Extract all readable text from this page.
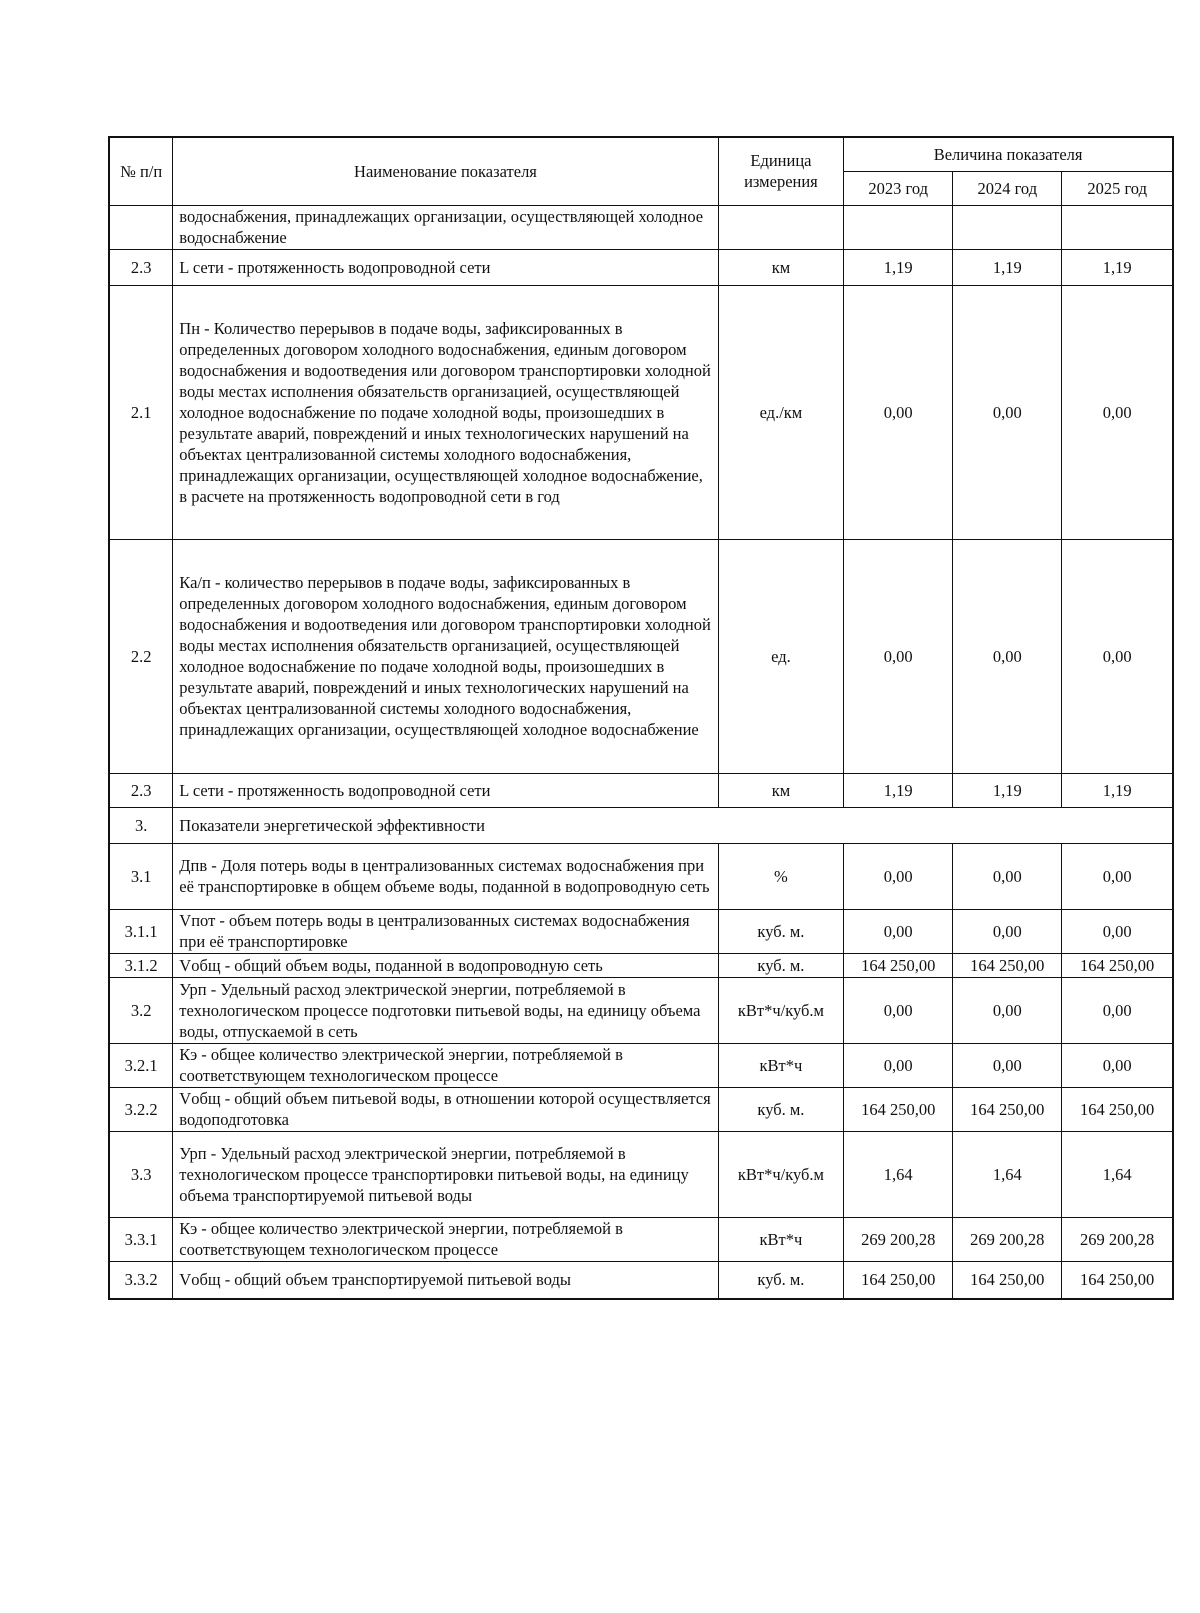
№ п/п	Наименование показателя	Единица измерения	Величина показателя		
			2023 год	2024 год	2025 год
	водоснабжения, принадлежащих организации, осуществляющей холодное водоснабжение				
2.3	L сети - протяженность водопроводной сети	км	1,19	1,19	1,19
2.1	Пн - Количество перерывов в подаче воды, зафиксированных в определенных договором холодного водоснабжения, единым договором водоснабжения и водоотведения или договором транспортировки холодной воды местах исполнения обязательств организацией, осуществляющей холодное водоснабжение по подаче холодной воды, произошедших в результате аварий, повреждений и иных технологических нарушений на объектах централизованной системы холодного водоснабжения, принадлежащих организации, осуществляющей холодное водоснабжение, в расчете на протяженность водопроводной сети в год	ед./км	0,00	0,00	0,00
2.2	Ка/п - количество перерывов в подаче воды, зафиксированных в определенных договором холодного водоснабжения, единым договором водоснабжения и водоотведения или договором транспортировки холодной воды местах исполнения обязательств организацией, осуществляющей холодное водоснабжение по подаче холодной воды, произошедших в результате аварий, повреждений и иных технологических нарушений на объектах централизованной системы холодного водоснабжения, принадлежащих организации, осуществляющей холодное водоснабжение	ед.	0,00	0,00	0,00
2.3	L сети - протяженность водопроводной сети	км	1,19	1,19	1,19
3.	Показатели энергетической эффективности				
3.1	Дпв - Доля потерь воды в централизованных системах водоснабжения при её транспортировке в общем объеме воды, поданной в водопроводную сеть	%	0,00	0,00	0,00
3.1.1	Vпот - объем потерь воды в централизованных системах водоснабжения при её транспортировке	куб. м.	0,00	0,00	0,00
3.1.2	Vобщ - общий объем воды, поданной в водопроводную сеть	куб. м.	164 250,00	164 250,00	164 250,00
3.2	Урп - Удельный расход электрической энергии, потребляемой в технологическом процессе подготовки питьевой воды, на единицу объема воды, отпускаемой в сеть	кВт*ч/куб.м	0,00	0,00	0,00
3.2.1	Кэ - общее количество электрической энергии, потребляемой в соответствующем технологическом процессе	кВт*ч	0,00	0,00	0,00
3.2.2	Vобщ - общий объем питьевой воды, в отношении которой осуществляется водоподготовка	куб. м.	164 250,00	164 250,00	164 250,00
3.3	Урп - Удельный расход электрической энергии, потребляемой в технологическом процессе транспортировки питьевой воды, на единицу объема транспортируемой питьевой воды	кВт*ч/куб.м	1,64	1,64	1,64
3.3.1	Кэ - общее количество электрической энергии, потребляемой в соответствующем технологическом процессе	кВт*ч	269 200,28	269 200,28	269 200,28
3.3.2	Vобщ - общий объем транспортируемой питьевой воды	куб. м.	164 250,00	164 250,00	164 250,00
